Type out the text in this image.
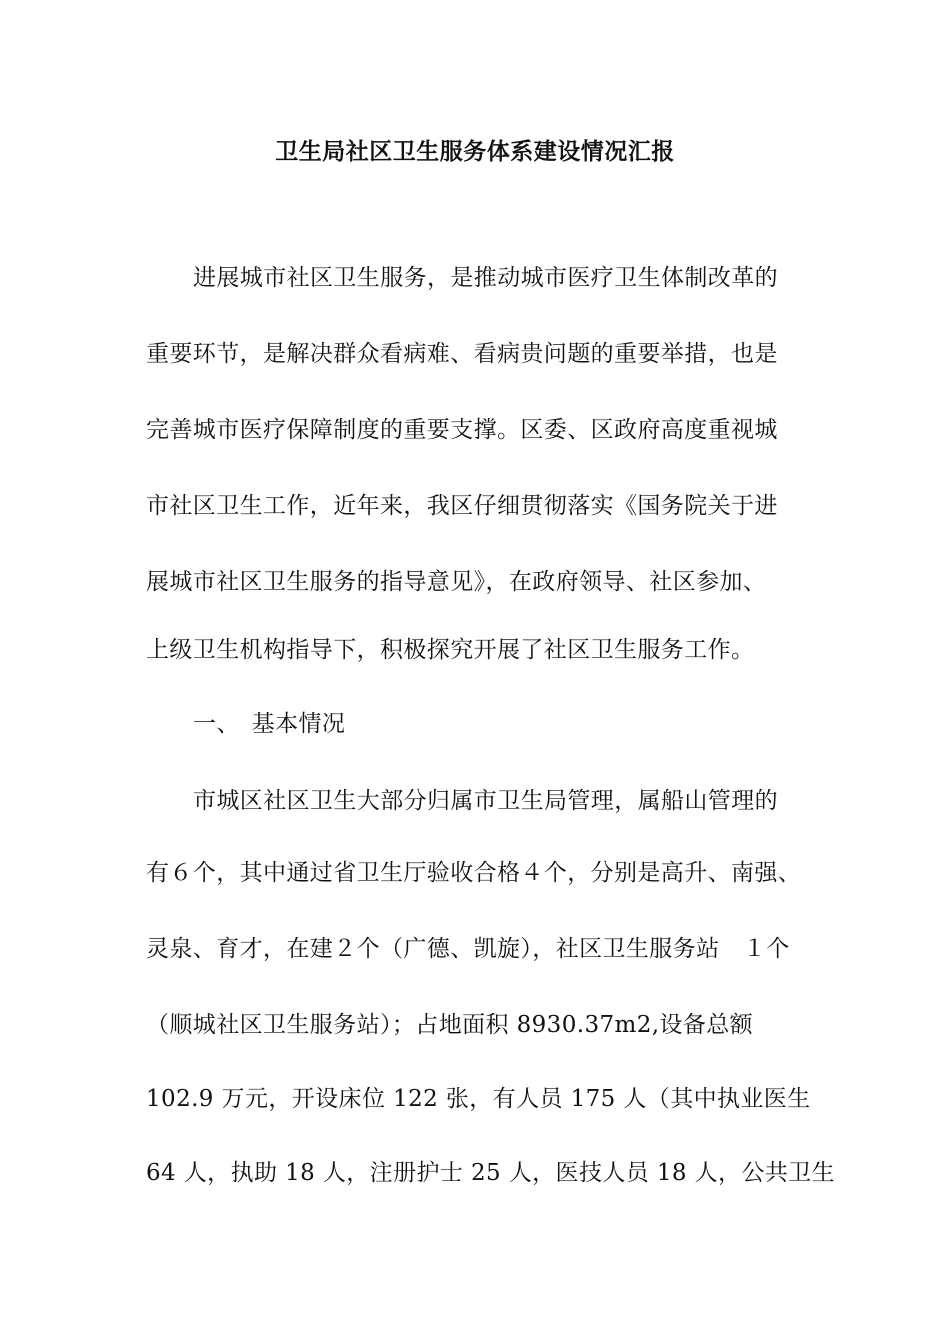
卫生局社区卫生服务体系建设情况汇报
进展城市社区卫生服务，是推动城市医疗卫生体制改革的
重要环节，是解决群众看病难、看病贵问题的重要举措，也是
完善城市医疗保障制度的重要支撑。区委、区政府高度重视城
市社区卫生工作，近年来，我区仔细贯彻落实《国务院关于进
展城市社区卫生服务的指导意见》，在政府领导、社区参加、
上级卫生机构指导下，积极探究开展了社区卫生服务工作。
一、　基本情况
市城区社区卫生大部分归属市卫生局管理，属船山管理的
有６个，其中通过省卫生厅验收合格４个，分别是高升、南强、
灵泉、育才，在建２个（广德、凯旋），社区卫生服务站　１个
（顺城社区卫生服务站）；占地面积 8930.37m2,设备总额
102.9 万元，开设床位 122 张，有人员 175 人（其中执业医生
64 人，执助 18 人，注册护士 25 人，医技人员 18 人，公共卫生
